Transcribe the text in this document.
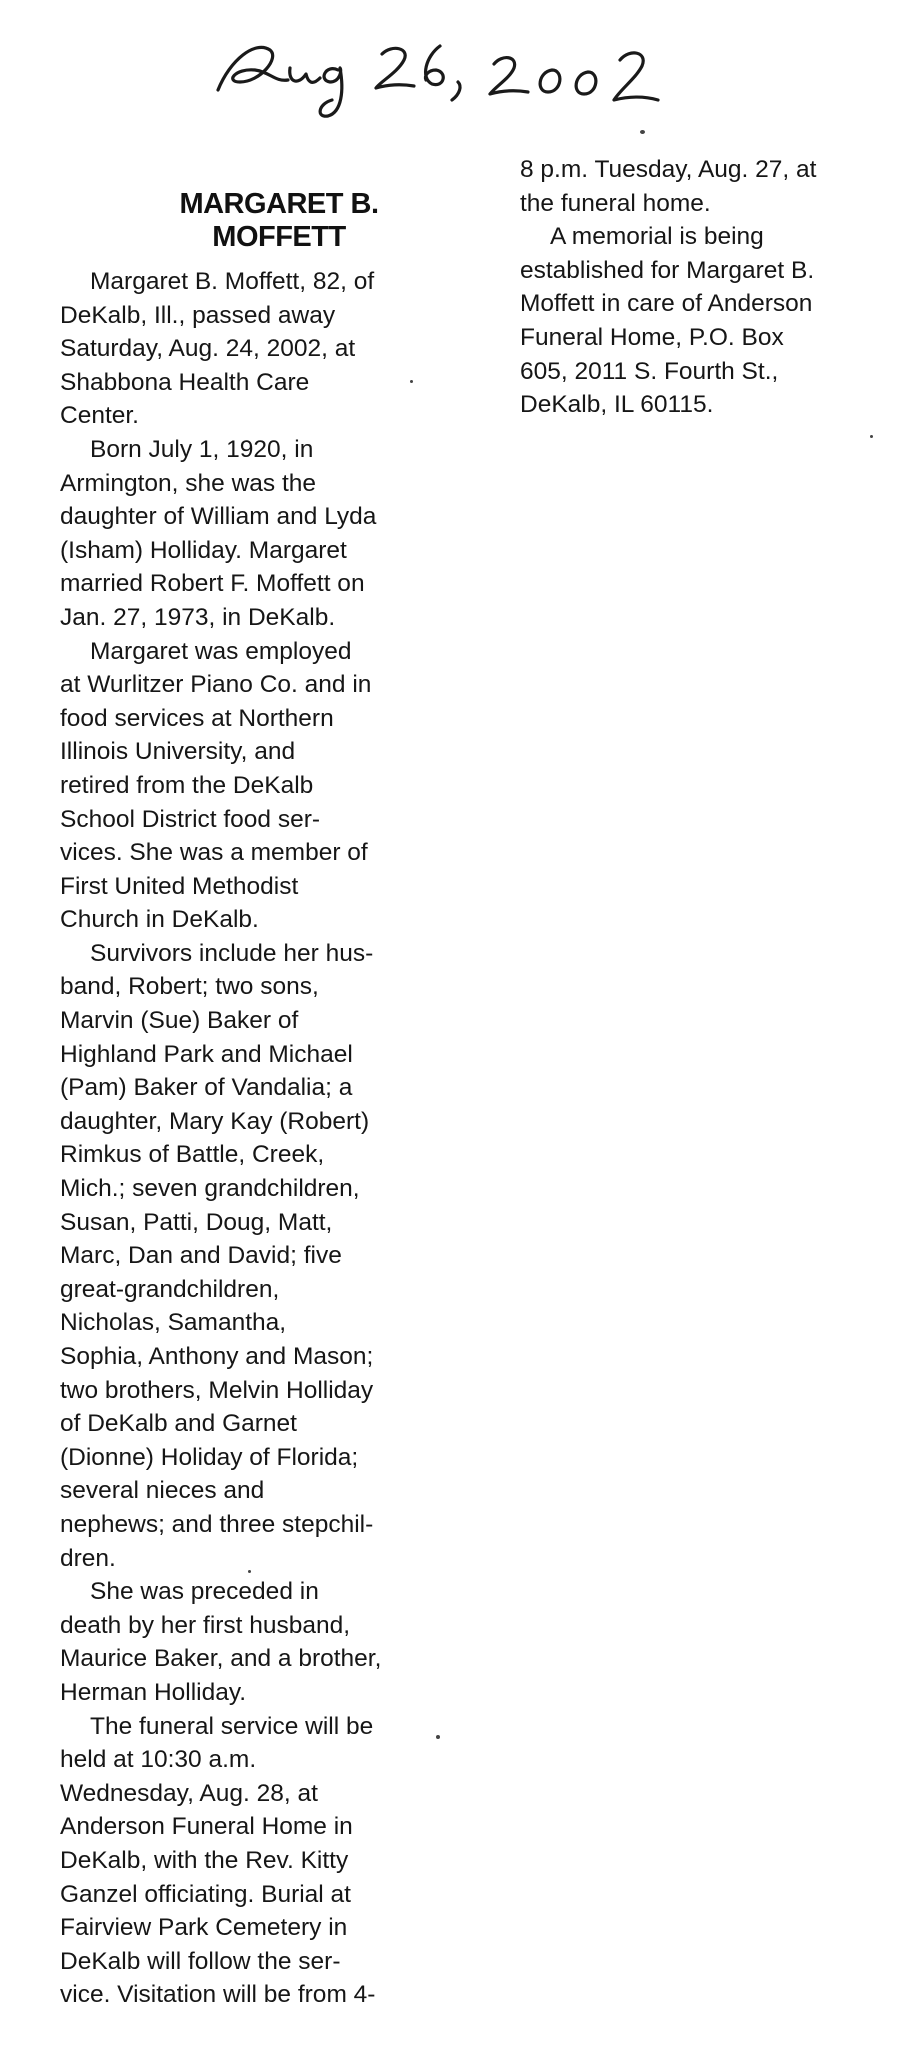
MARGARET B.
MOFFETT
Margaret B. Moffett, 82, of
DeKalb, Ill., passed away
Saturday, Aug. 24, 2002, at
Shabbona Health Care
Center.
Born July 1, 1920, in
Armington, she was the
daughter of William and Lyda
(Isham) Holliday. Margaret
married Robert F. Moffett on
Jan. 27, 1973, in DeKalb.
Margaret was employed
at Wurlitzer Piano Co. and in
food services at Northern
Illinois University, and
retired from the DeKalb
School District food ser-
vices. She was a member of
First United Methodist
Church in DeKalb.
Survivors include her hus-
band, Robert; two sons,
Marvin (Sue) Baker of
Highland Park and Michael
(Pam) Baker of Vandalia; a
daughter, Mary Kay (Robert)
Rimkus of Battle, Creek,
Mich.; seven grandchildren,
Susan, Patti, Doug, Matt,
Marc, Dan and David; five
great-grandchildren,
Nicholas, Samantha,
Sophia, Anthony and Mason;
two brothers, Melvin Holliday
of DeKalb and Garnet
(Dionne) Holiday of Florida;
several nieces and
nephews; and three stepchil-
dren.
She was preceded in
death by her first husband,
Maurice Baker, and a brother,
Herman Holliday.
The funeral service will be
held at 10:30 a.m.
Wednesday, Aug. 28, at
Anderson Funeral Home in
DeKalb, with the Rev. Kitty
Ganzel officiating. Burial at
Fairview Park Cemetery in
DeKalb will follow the ser-
vice. Visitation will be from 4-
8 p.m. Tuesday, Aug. 27, at
the funeral home.
A memorial is being
established for Margaret B.
Moffett in care of Anderson
Funeral Home, P.O. Box
605, 2011 S. Fourth St.,
DeKalb, IL 60115.
